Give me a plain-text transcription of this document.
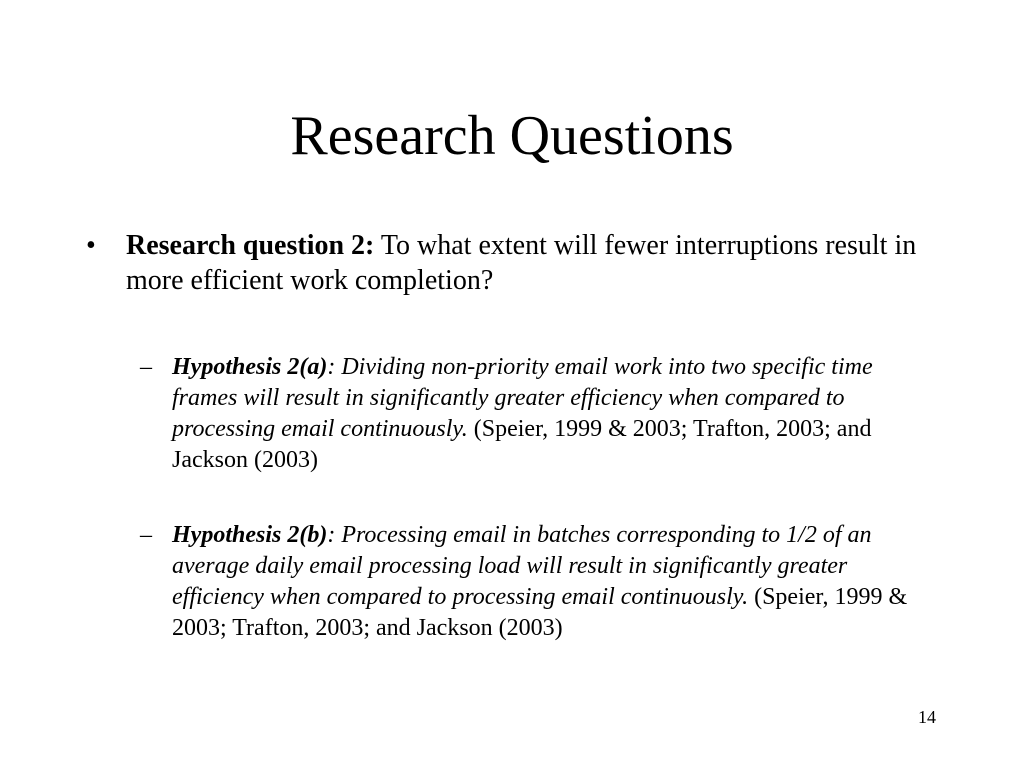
Research Questions
•	Research question 2: To what extent will fewer interruptions result in more efficient work completion?
– Hypothesis 2(a): Dividing non-priority email work into two specific time frames will result in significantly greater efficiency when compared to processing email continuously. (Speier, 1999 & 2003; Trafton, 2003; and Jackson (2003)
– Hypothesis 2(b): Processing email in batches corresponding to 1/2 of an average daily email processing load will result in significantly greater efficiency when compared to processing email continuously. (Speier, 1999 & 2003; Trafton, 2003; and Jackson (2003)
14
